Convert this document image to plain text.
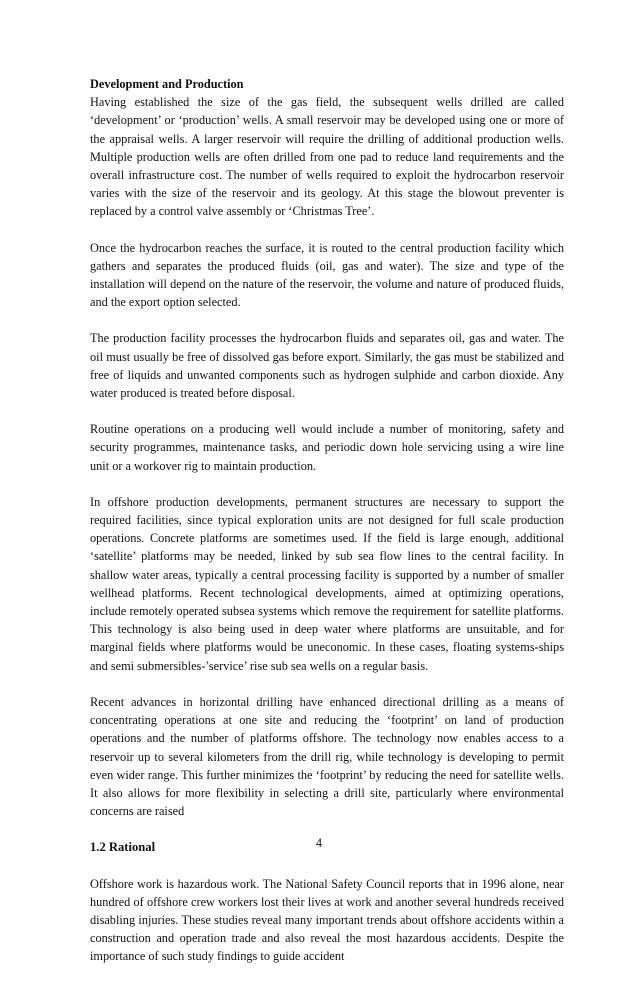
Development and Production

Having established the size of the gas field, the subsequent wells drilled are called ‘development’ or ‘production’ wells. A small reservoir may be developed using one or more of the appraisal wells. A larger reservoir will require the drilling of additional production wells. Multiple production wells are often drilled from one pad to reduce land requirements and the overall infrastructure cost. The number of wells required to exploit the hydrocarbon reservoir varies with the size of the reservoir and its geology. At this stage the blowout preventer is replaced by a control valve assembly or ‘Christmas Tree’.

Once the hydrocarbon reaches the surface, it is routed to the central production facility which gathers and separates the produced fluids (oil, gas and water). The size and type of the installation will depend on the nature of the reservoir, the volume and nature of produced fluids, and the export option selected.

The production facility processes the hydrocarbon fluids and separates oil, gas and water. The oil must usually be free of dissolved gas before export. Similarly, the gas must be stabilized and free of liquids and unwanted components such as hydrogen sulphide and carbon dioxide. Any water produced is treated before disposal.

Routine operations on a producing well would include a number of monitoring, safety and security programmes, maintenance tasks, and periodic down hole servicing using a wire line unit or a workover rig to maintain production.

In offshore production developments, permanent structures are necessary to support the required facilities, since typical exploration units are not designed for full scale production operations. Concrete platforms are sometimes used. If the field is large enough, additional ‘satellite’ platforms may be needed, linked by sub sea flow lines to the central facility. In shallow water areas, typically a central processing facility is supported by a number of smaller wellhead platforms. Recent technological developments, aimed at optimizing operations, include remotely operated subsea systems which remove the requirement for satellite platforms. This technology is also being used in deep water where platforms are unsuitable, and for marginal fields where platforms would be uneconomic. In these cases, floating systems-ships and semi submersibles-’service’ rise sub sea wells on a regular basis.

Recent advances in horizontal drilling have enhanced directional drilling as a means of concentrating operations at one site and reducing the ‘footprint’ on land of production operations and the number of platforms offshore. The technology now enables access to a reservoir up to several kilometers from the drill rig, while technology is developing to permit even wider range. This further minimizes the ‘footprint’ by reducing the need for satellite wells. It also allows for more flexibility in selecting a drill site, particularly where environmental concerns are raised

1.2 Rational

Offshore work is hazardous work. The National Safety Council reports that in 1996 alone, near hundred of offshore crew workers lost their lives at work and another several hundreds received disabling injuries. These studies reveal many important trends about offshore accidents within a construction and operation trade and also reveal the most hazardous accidents. Despite the importance of such study findings to guide accident

4
